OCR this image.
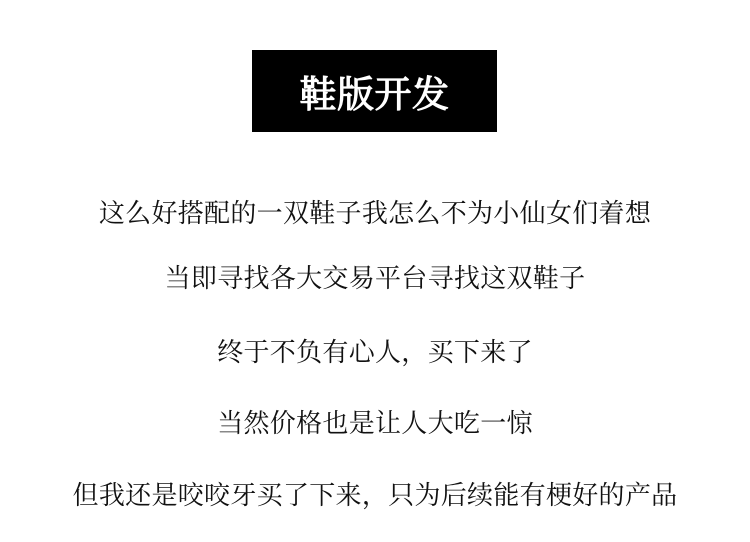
鞋版开发

这么好搭配的一双鞋子我怎么不为小仙女们着想

当即寻找各大交易平台寻找这双鞋子

终于不负有心人，买下来了

当然价格也是让人大吃一惊

但我还是咬咬牙买了下来，只为后续能有梗好的产品
